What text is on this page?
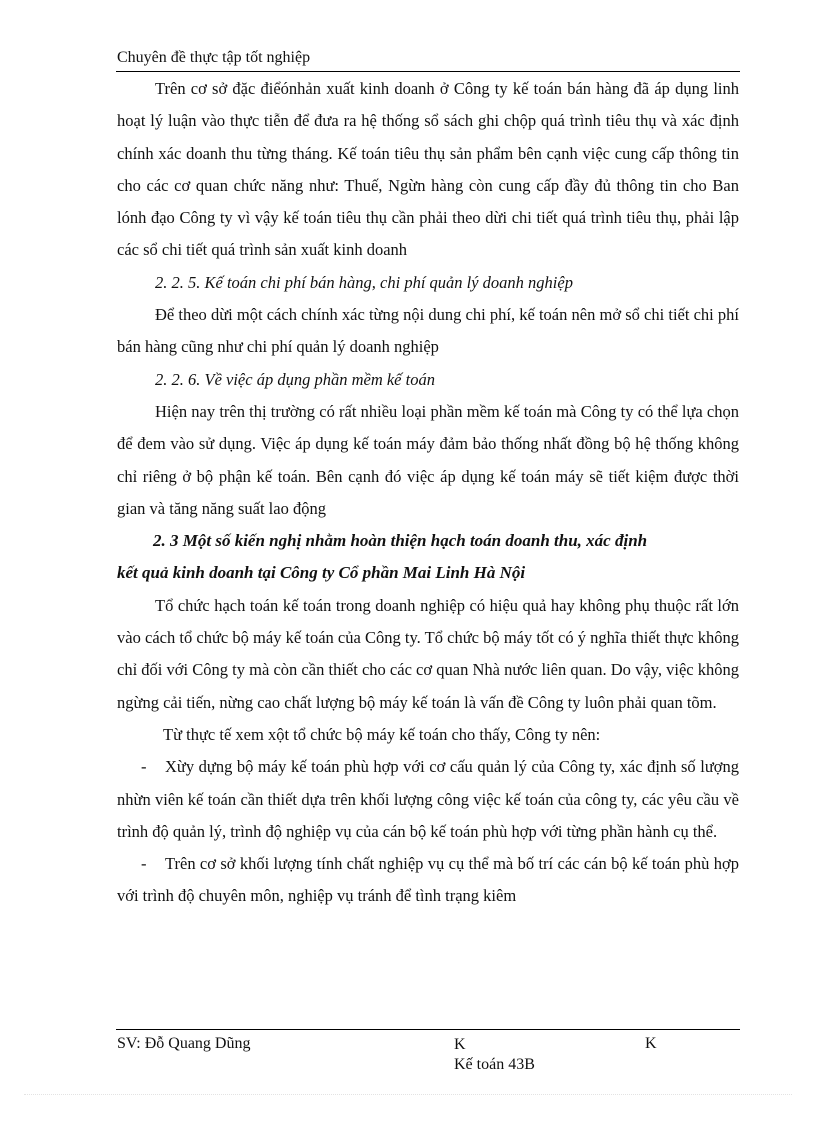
Chuyên đề thực tập tốt nghiệp

Trên cơ sở đặc điểónhản xuất kinh doanh ở Công ty kế toán bán hàng đã áp dụng linh hoạt lý luận vào thực tiễn để đưa ra hệ thống sổ sách ghi chộp quá trình tiêu thụ và xác định chính xác doanh thu từng tháng. Kế toán tiêu thụ sản phẩm bên cạnh việc cung cấp thông tin cho các cơ quan chức năng như: Thuế, Ngừn hàng còn cung cấp đầy đủ thông tin cho Ban lónh đạo Công ty vì vậy kế toán tiêu thụ cần phải theo dừi chi tiết quá trình tiêu thụ, phải lập các sổ chi tiết quá trình sản xuất kinh doanh

2. 2. 5. Kế toán chi phí bán hàng, chi phí quản lý doanh nghiệp

Để theo dừi một cách chính xác từng nội dung chi phí, kế toán nên mở sổ chi tiết chi phí bán hàng cũng như chi phí quản lý doanh nghiệp

2. 2. 6. Về việc áp dụng phần mềm kế toán

Hiện nay trên thị trường có rất nhiều loại phần mềm kế toán mà Công ty có thể lựa chọn để đem vào sử dụng. Việc áp dụng kế toán máy đảm bảo thống nhất đồng bộ hệ thống không chỉ riêng ở bộ phận kế toán. Bên cạnh đó việc áp dụng kế toán máy sẽ tiết kiệm được thời gian và tăng năng suất lao động

2. 3 Một số kiến nghị nhằm hoàn thiện hạch toán doanh thu, xác định

kết quả kinh doanh tại Công ty Cổ phần Mai Linh Hà Nội

Tổ chức hạch toán kế toán trong doanh nghiệp có hiệu quả hay không phụ thuộc rất lớn vào cách tổ chức bộ máy kế toán của Công ty. Tổ chức bộ máy tốt có ý nghĩa thiết thực không chỉ đối với Công ty mà còn cần thiết cho các cơ quan Nhà nước liên quan. Do vậy, việc không ngừng cải tiến, nừng cao chất lượng bộ máy kế toán là vấn đề Công ty luôn phải quan tõm.

Từ thực tế xem xột tổ chức bộ máy kế toán cho thấy, Công ty nên:

- Xừy dựng bộ máy kế toán phù hợp với cơ cấu quản lý của Công ty, xác định số lượng nhừn viên kế toán cần thiết dựa trên khối lượng công việc kế toán của công ty, các yêu cầu về trình độ quản lý, trình độ nghiệp vụ của cán bộ kế toán phù hợp với từng phần hành cụ thể.

- Trên cơ sở khối lượng tính chất nghiệp vụ cụ thể mà bố trí các cán bộ kế toán phù hợp với trình độ chuyên môn, nghiệp vụ tránh để tình trạng kiêm

SV: Đỗ Quang Dũng	K
Kế toán 43B
K
